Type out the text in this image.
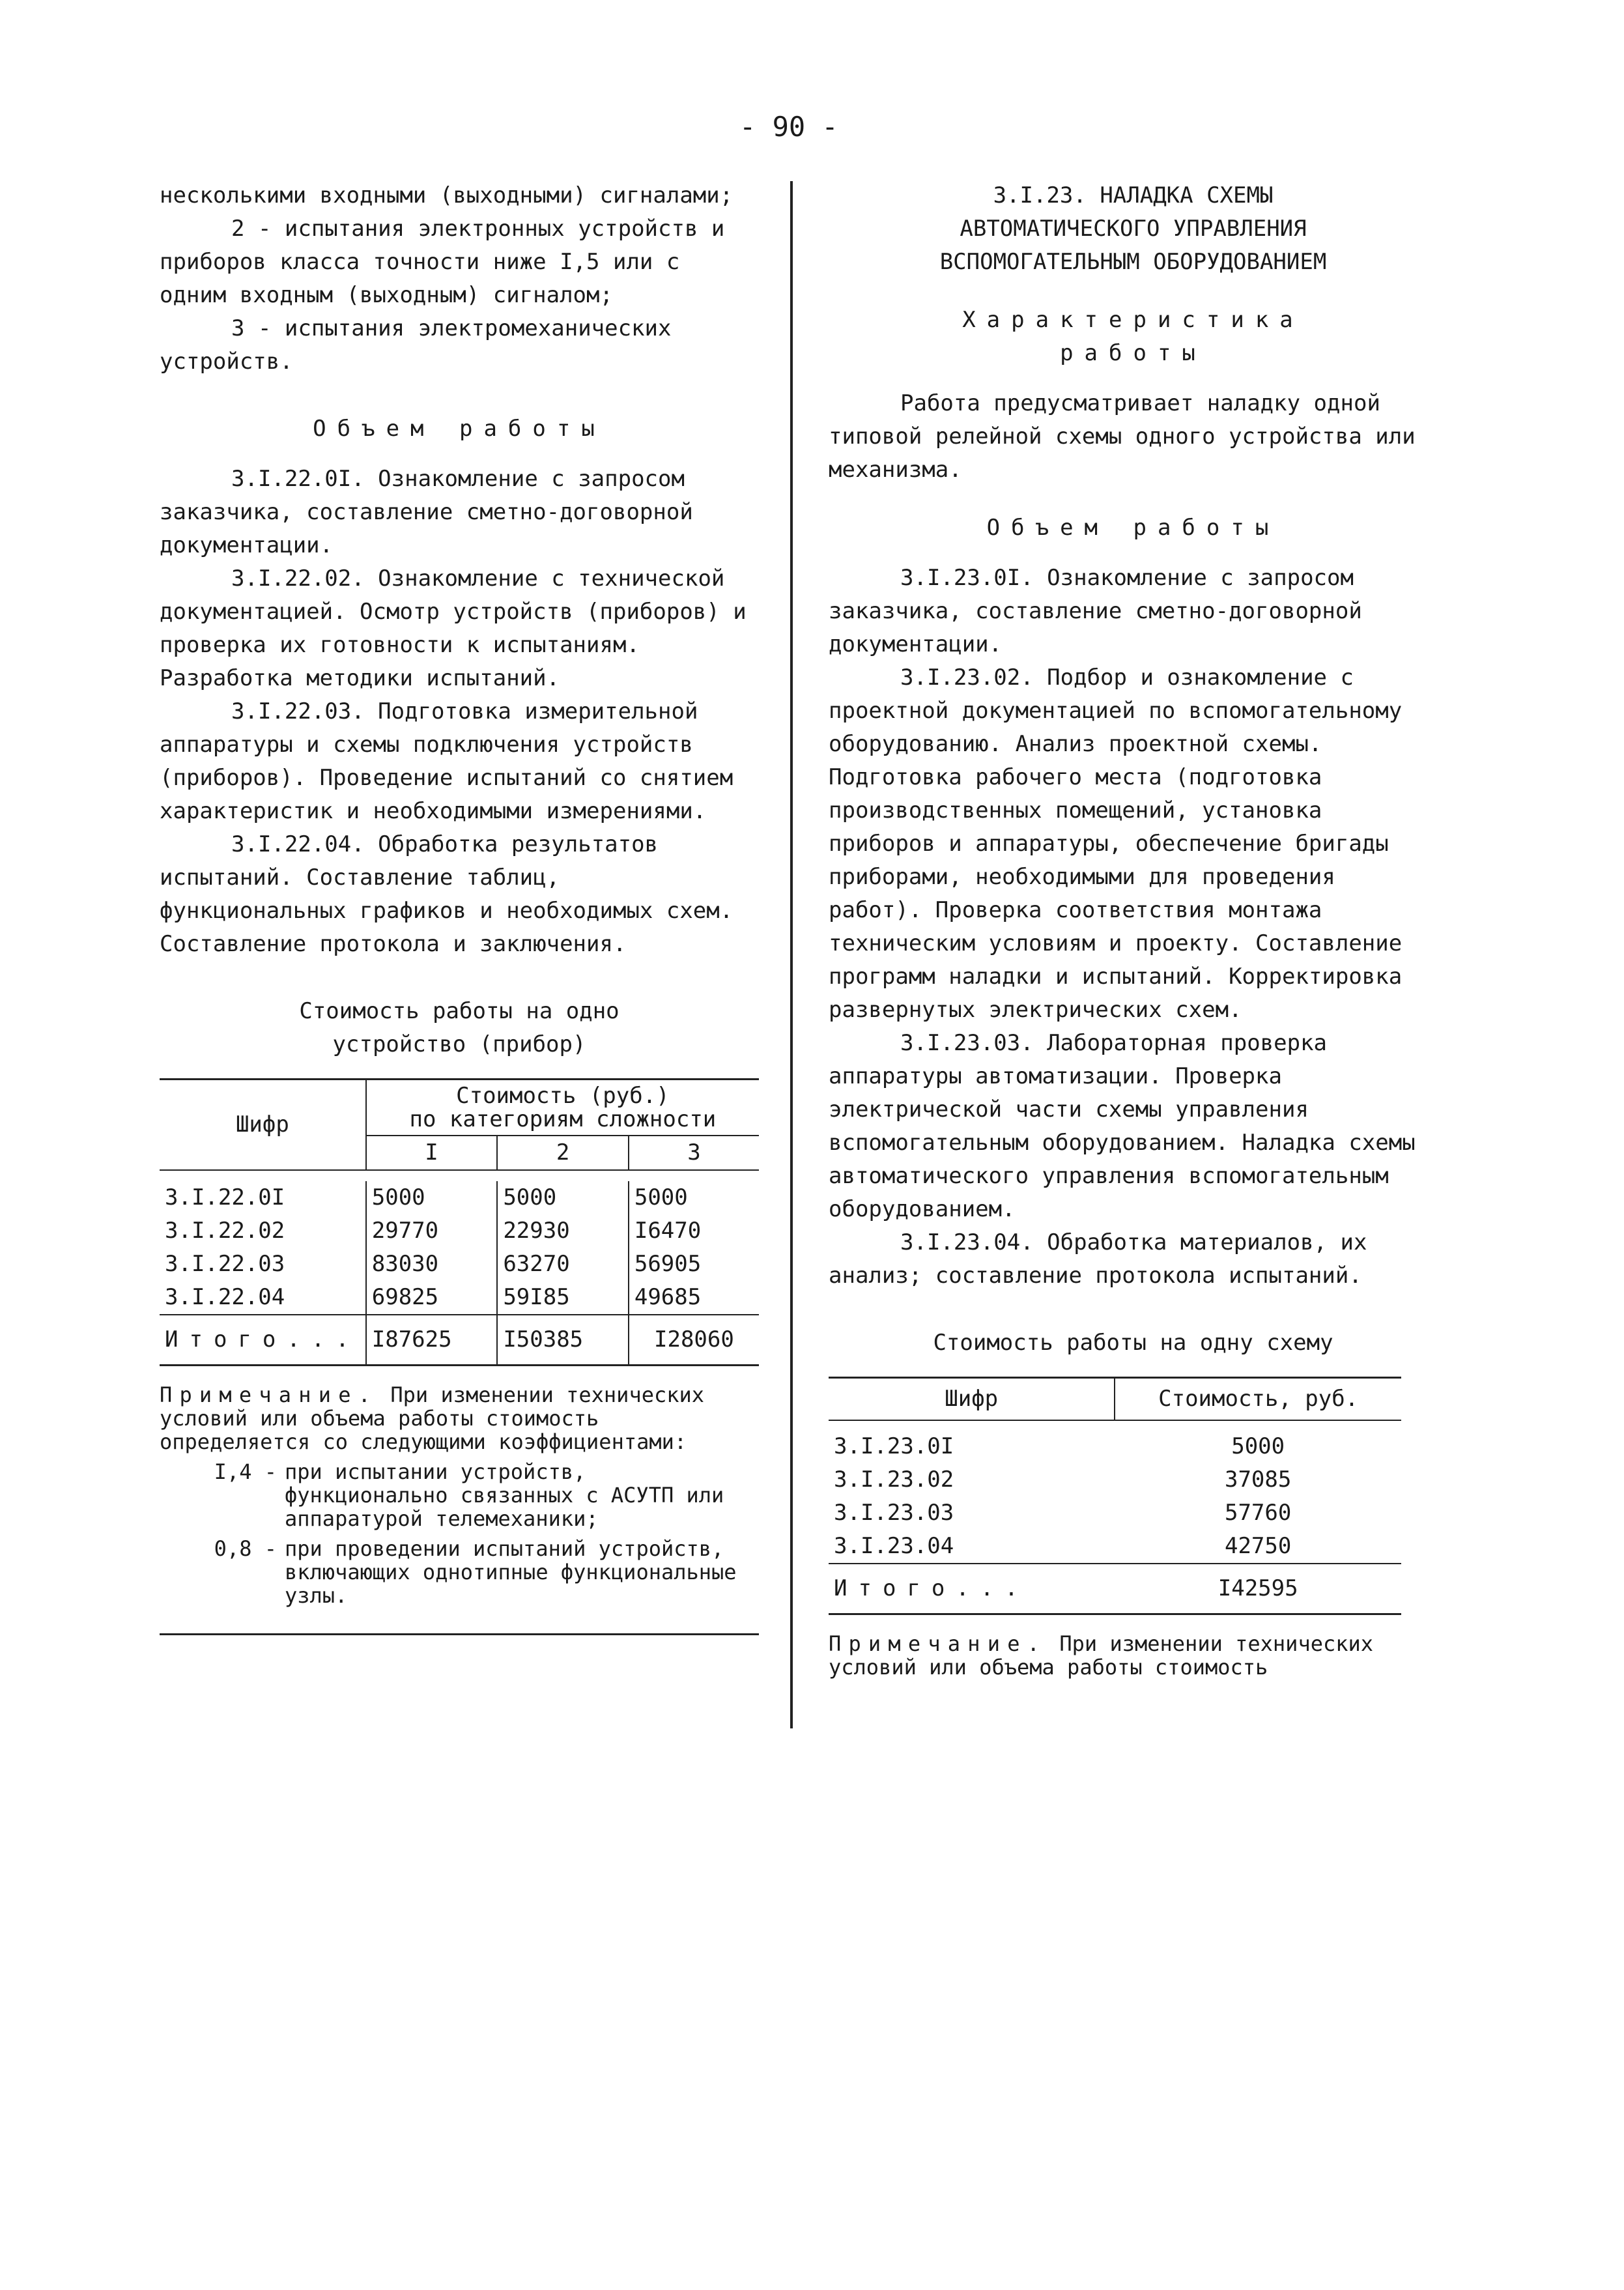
- 90 -

несколькими входными (выходными) сигналами;

2 - испытания электронных устройств и приборов класса точности ниже I,5 или с одним входным (выходным) сигналом;

3 - испытания электромеханических устройств.

Объем работы

3.I.22.0I. Ознакомление с запросом заказчика, составление сметно-договорной документации.

3.I.22.02. Ознакомление с технической документацией. Осмотр устройств (приборов) и проверка их готовности к испытаниям. Разработка методики испытаний.

3.I.22.03. Подготовка измерительной аппаратуры и схемы подключения устройств (приборов). Проведение испытаний со снятием характеристик и необходимыми измерениями.

3.I.22.04. Обработка результатов испытаний. Составление таблиц, функциональных графиков и необходимых схем. Составление протокола и заключения.

Стоимость работы на одно

устройство (прибор)

Шифр	Стоимость (руб.)
по категориям сложности		
	I	2	3

3.I.22.0I	5000	5000	5000
3.I.22.02	29770	22930	I6470
3.I.22.03	83030	63270	56905
3.I.22.04	69825	59I85	49685
Итого...	I87625	I50385	I28060
Примечание. При изменении технических условий или объема работы стоимость определяется со следующими коэффициентами:
I,4 - при испытании устройств, функционально связанных с АСУТП или аппаратурой телемеханики;
0,8 - при проведении испытаний устройств, включающих однотипные функциональные узлы.

3.I.23. НАЛАДКА СХЕМЫ

АВТОМАТИЧЕСКОГО УПРАВЛЕНИЯ

ВСПОМОГАТЕЛЬНЫМ ОБОРУДОВАНИЕМ

Характеристика

работы

Работа предусматривает наладку одной типовой релейной схемы одного устройства или механизма.

Объем работы

3.I.23.0I. Ознакомление с запросом заказчика, составление сметно-договорной документации.

3.I.23.02. Подбор и ознакомление с проектной документацией по вспомогательному оборудованию. Анализ проектной схемы. Подготовка рабочего места (подготовка производственных помещений, установка приборов и аппаратуры, обеспечение бригады приборами, необходимыми для проведения работ). Проверка соответствия монтажа техническим условиям и проекту. Составление программ наладки и испытаний. Корректировка развернутых электрических схем.

3.I.23.03. Лабораторная проверка аппаратуры автоматизации. Проверка электрической части схемы управления вспомогательным оборудованием. Наладка схемы автоматического управления вспомогательным оборудованием.

3.I.23.04. Обработка материалов, их анализ; составление протокола испытаний.

Стоимость работы на одну схему

Шифр	Стоимость, руб.

3.I.23.0I	5000
3.I.23.02	37085
3.I.23.03	57760
3.I.23.04	42750
Итого...	I42595
Примечание. При изменении технических условий или объема работы стоимость
